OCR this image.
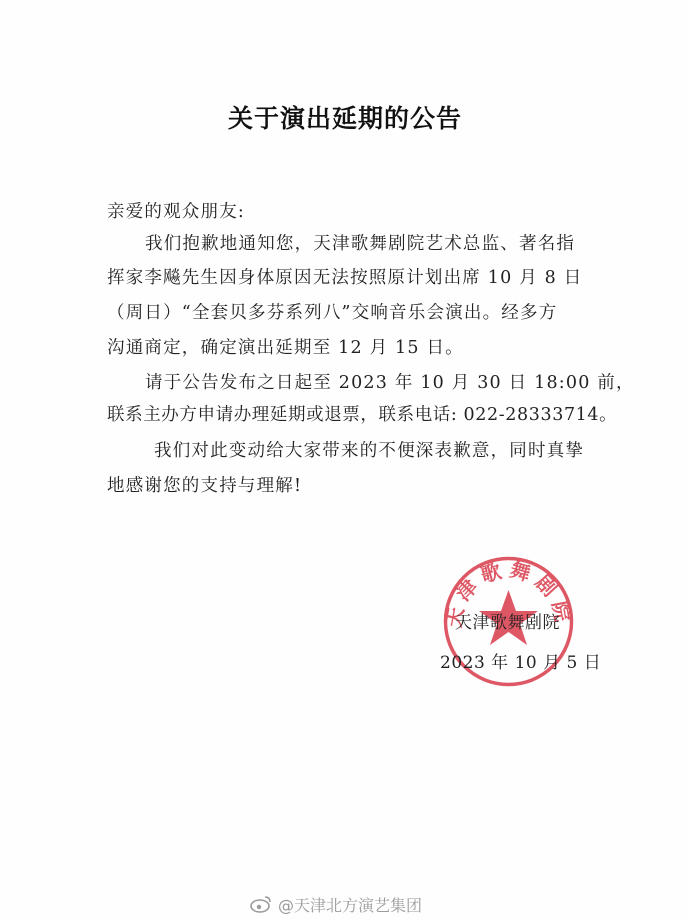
关于演出延期的公告
亲爱的观众朋友:
我们抱歉地通知您，天津歌舞剧院艺术总监、著名指
挥家李飚先生因身体原因无法按照原计划出席 10 月 8 日
（周日）“全套贝多芬系列八”交响音乐会演出。经多方
沟通商定，确定演出延期至 12 月 15 日。
请于公告发布之日起至 2023 年 10 月 30 日 18:00 前，
联系主办方申请办理延期或退票，联系电话: 022-28333714。
我们对此变动给大家带来的不便深表歉意，同时真挚
地感谢您的支持与理解!
天津歌舞剧院
天津歌舞剧院
2023 年 10 月 5 日
@天津北方演艺集团
